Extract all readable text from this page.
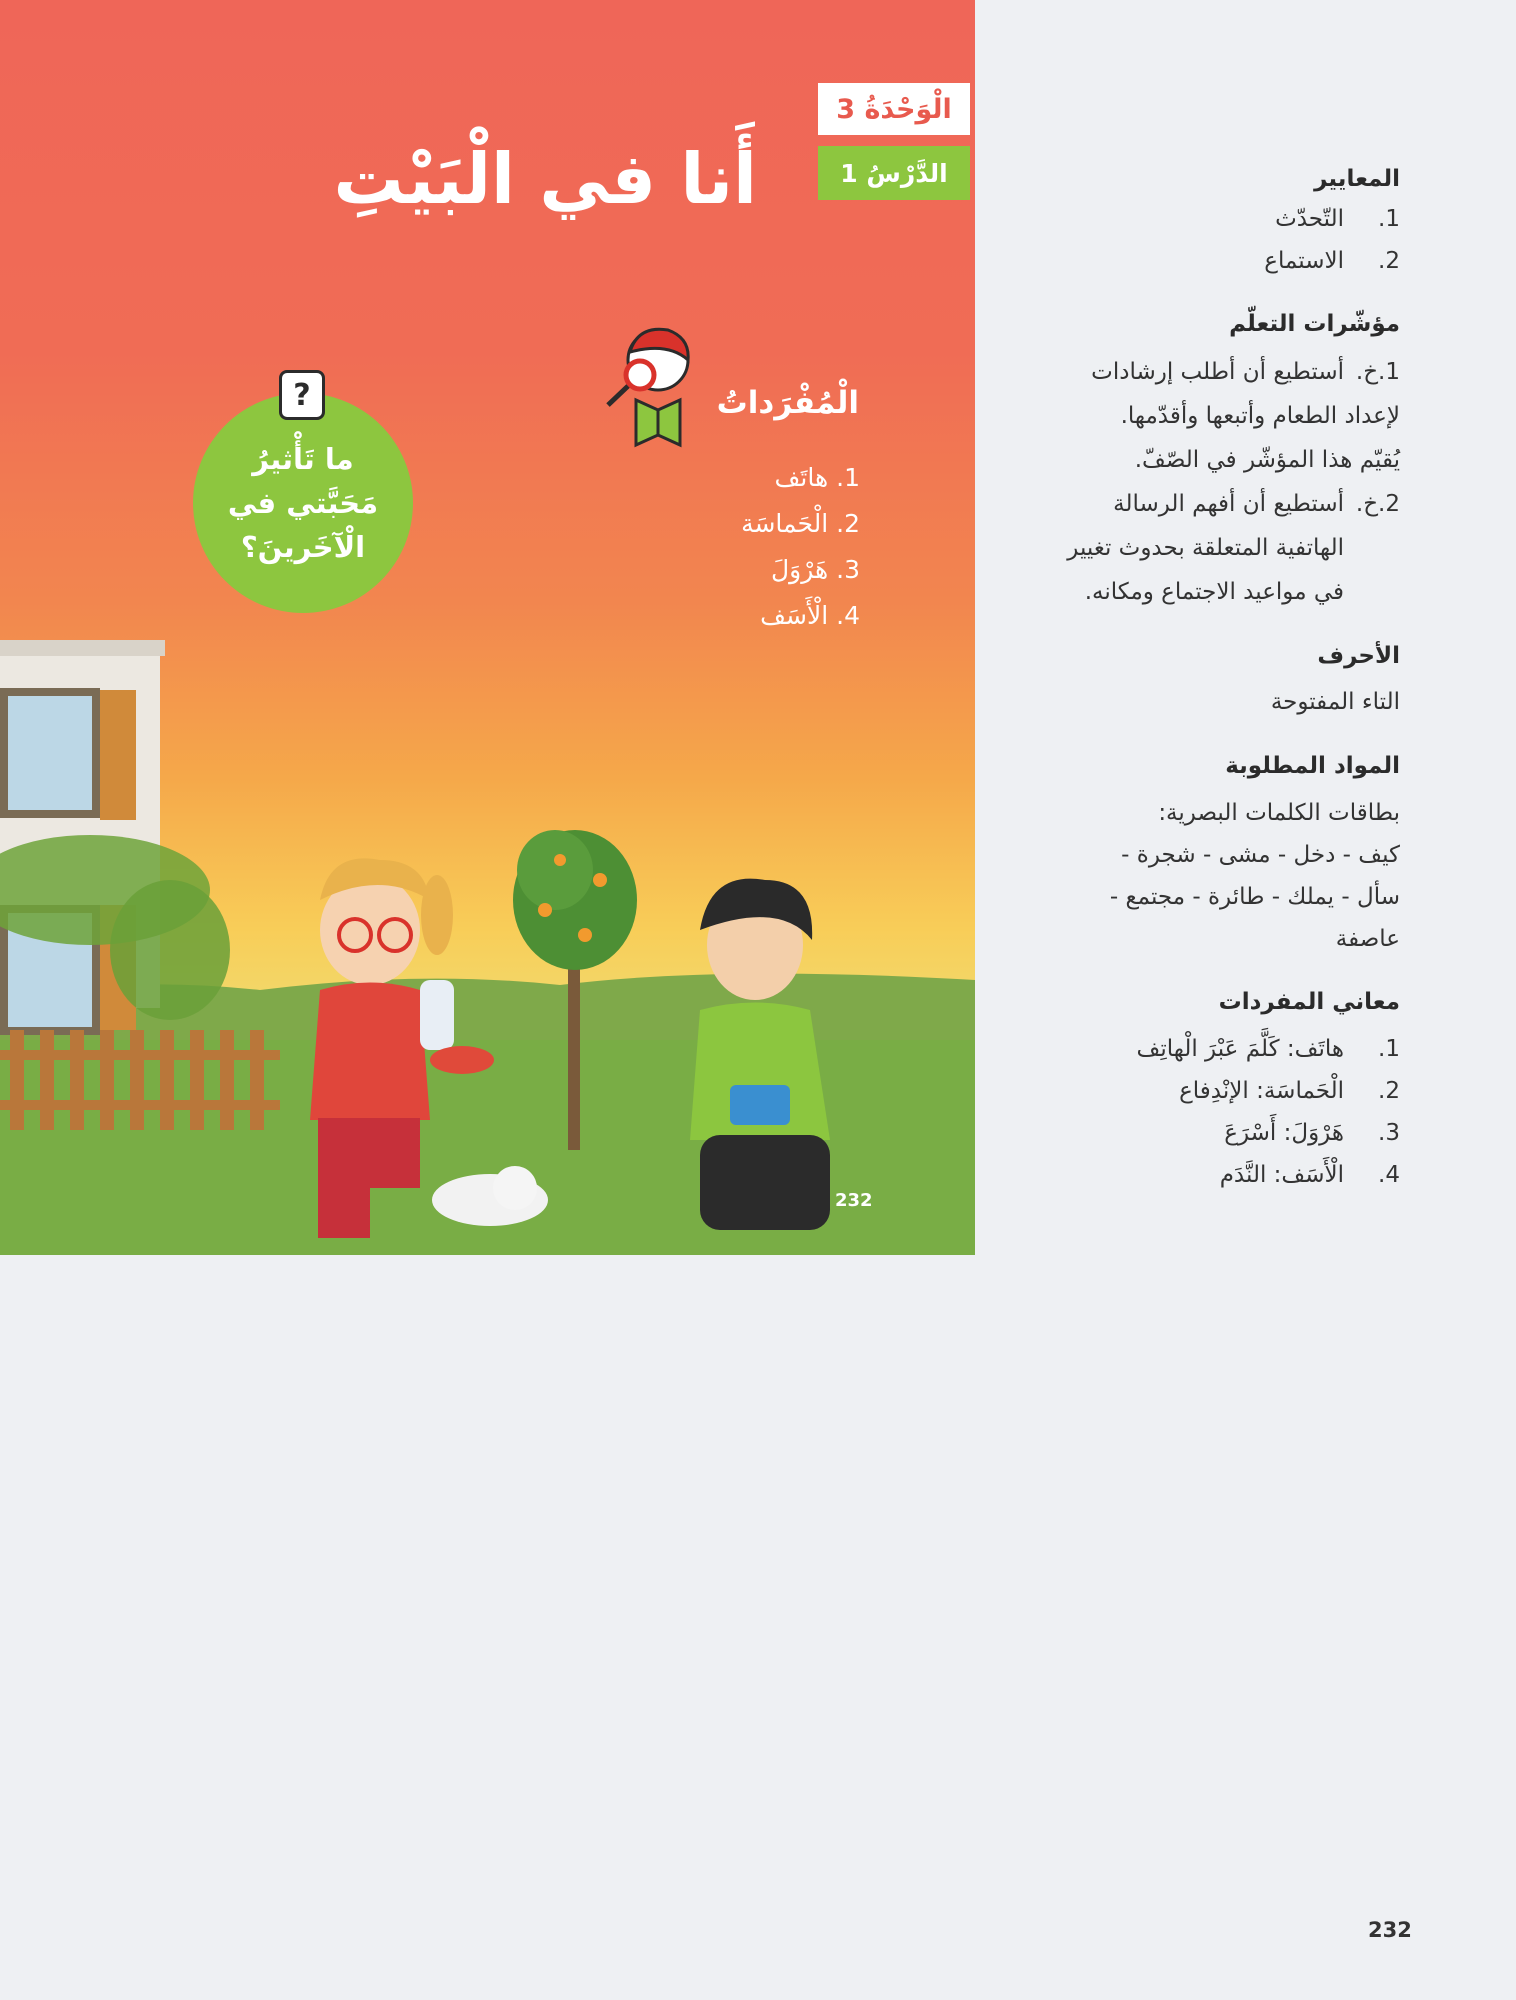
الْوَحْدَةُ 3
الدَّرْسُ 1
أَنا في الْبَيْتِ
الْمُفْرَداتُ
1. هاتَف
2. الْحَماسَة
3. هَرْوَلَ
4. الْأَسَف
ما تَأْثيرُ
مَحَبَّتي في
الْآخَرينَ؟
?
232

المعايير

1.
التّحدّث
2.
الاستماع

مؤشّرات التعلّم

1.خ.
أستطيع أن أطلب إرشادات
لإعداد الطعام وأتبعها وأقدّمها.
يُقيّم هذا المؤشّر في الصّفّ.
2.خ.
أستطيع أن أفهم الرسالة
الهاتفية المتعلقة بحدوث تغيير
في مواعيد الاجتماع ومكانه.

الأحرف

التاء المفتوحة

المواد المطلوبة

بطاقات الكلمات البصرية:
كيف - دخل - مشى - شجرة -
سأل - يملك - طائرة - مجتمع -
عاصفة

معاني المفردات

1.
هاتَف: كَلَّمَ عَبْرَ الْهاتِف
2.
الْحَماسَة: الإنْدِفاع
3.
هَرْوَلَ: أَسْرَعَ
4.
الْأَسَف: النَّدَم
232
